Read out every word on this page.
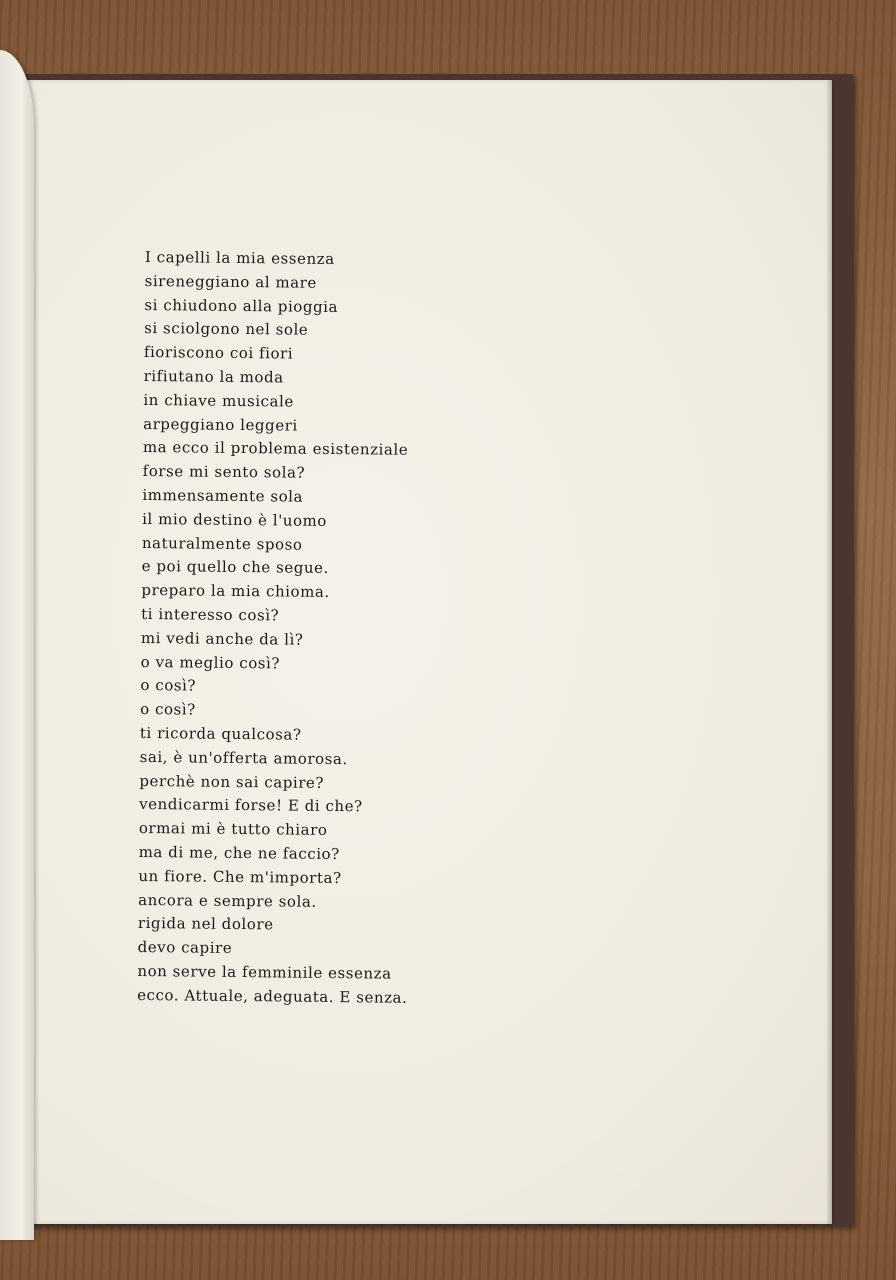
I capelli la mia essenza
sireneggiano al mare
si chiudono alla pioggia
si sciolgono nel sole
fioriscono coi fiori
rifiutano la moda
in chiave musicale
arpeggiano leggeri
ma ecco il problema esistenziale
forse mi sento sola?
immensamente sola
il mio destino è l'uomo
naturalmente sposo
e poi quello che segue.
preparo la mia chioma.
ti interesso così?
mi vedi anche da lì?
o va meglio così?
o così?
o così?
ti ricorda qualcosa?
sai, è un'offerta amorosa.
perchè non sai capire?
vendicarmi forse! E di che?
ormai mi è tutto chiaro
ma di me, che ne faccio?
un fiore. Che m'importa?
ancora e sempre sola.
rigida nel dolore
devo capire
non serve la femminile essenza
ecco. Attuale, adeguata. E senza.
